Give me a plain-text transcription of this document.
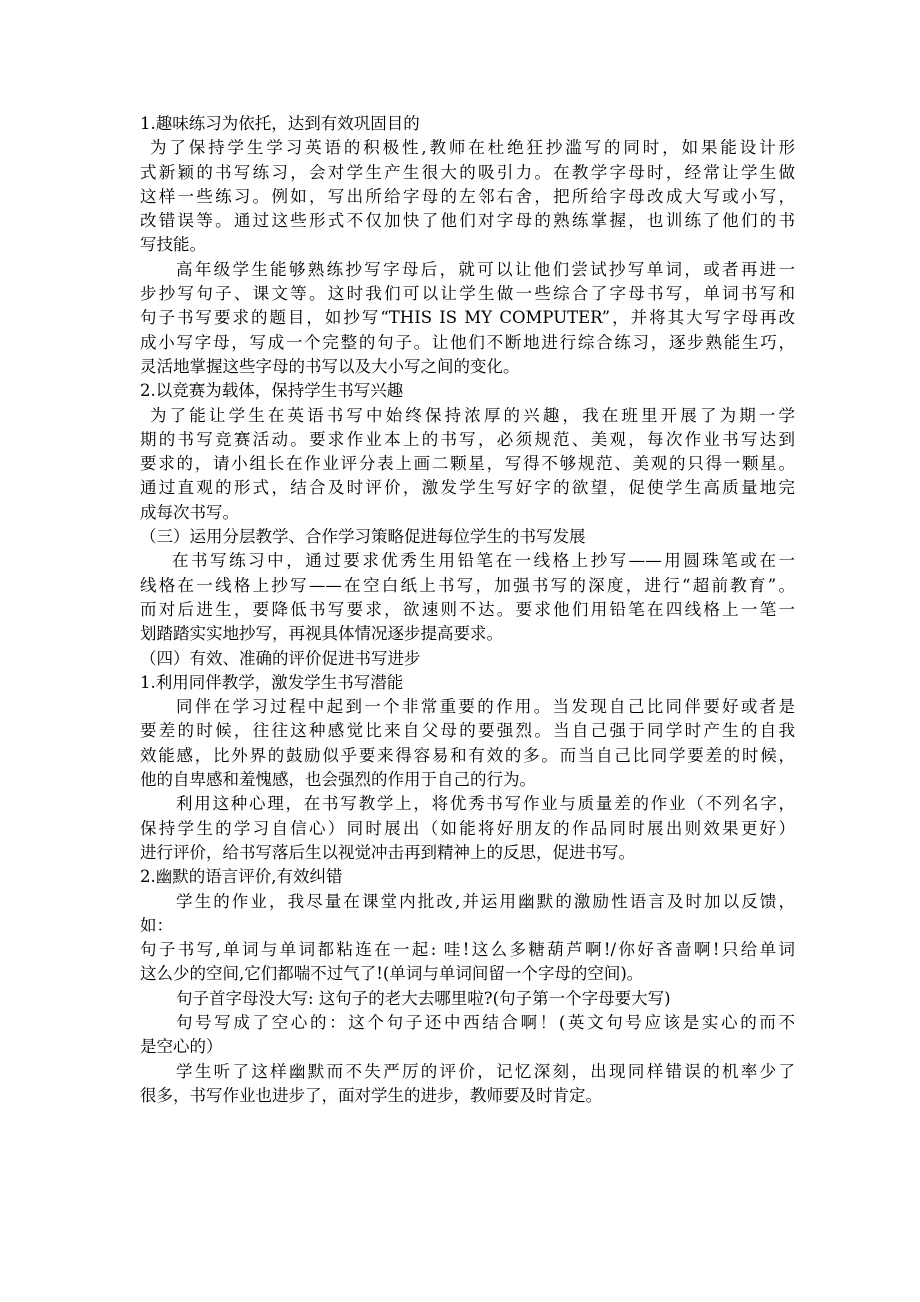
1.趣味练习为依托，达到有效巩固目的
为了保持学生学习英语的积极性,教师在杜绝狂抄滥写的同时，如果能设计形
式新颖的书写练习，会对学生产生很大的吸引力。在教学字母时，经常让学生做
这样一些练习。例如，写出所给字母的左邻右舍，把所给字母改成大写或小写，
改错误等。通过这些形式不仅加快了他们对字母的熟练掌握，也训练了他们的书
写技能。
高年级学生能够熟练抄写字母后，就可以让他们尝试抄写单词，或者再进一
步抄写句子、课文等。这时我们可以让学生做一些综合了字母书写，单词书写和
句子书写要求的题目，如抄写“THIS IS MY COMPUTER”，并将其大写字母再改
成小写字母，写成一个完整的句子。让他们不断地进行综合练习，逐步熟能生巧，
灵活地掌握这些字母的书写以及大小写之间的变化。
2.以竞赛为载体，保持学生书写兴趣
为了能让学生在英语书写中始终保持浓厚的兴趣，我在班里开展了为期一学
期的书写竞赛活动。要求作业本上的书写，必须规范、美观，每次作业书写达到
要求的，请小组长在作业评分表上画二颗星，写得不够规范、美观的只得一颗星。
通过直观的形式，结合及时评价，激发学生写好字的欲望，促使学生高质量地完
成每次书写。
（三）运用分层教学、合作学习策略促进每位学生的书写发展
在书写练习中，通过要求优秀生用铅笔在一线格上抄写——用圆珠笔或在一
线格在一线格上抄写——在空白纸上书写，加强书写的深度，进行“超前教育”。
而对后进生，要降低书写要求，欲速则不达。要求他们用铅笔在四线格上一笔一
划踏踏实实地抄写，再视具体情况逐步提高要求。
（四）有效、准确的评价促进书写进步
1.利用同伴教学，激发学生书写潜能
同伴在学习过程中起到一个非常重要的作用。当发现自己比同伴要好或者是
要差的时候，往往这种感觉比来自父母的要强烈。当自己强于同学时产生的自我
效能感，比外界的鼓励似乎要来得容易和有效的多。而当自己比同学要差的时候，
他的自卑感和羞愧感，也会强烈的作用于自己的行为。
利用这种心理，在书写教学上，将优秀书写作业与质量差的作业（不列名字，
保持学生的学习自信心）同时展出（如能将好朋友的作品同时展出则效果更好）
进行评价，给书写落后生以视觉冲击再到精神上的反思，促进书写。
2.幽默的语言评价,有效纠错
学生的作业，我尽量在课堂内批改,并运用幽默的激励性语言及时加以反馈，
如：
句子书写,单词与单词都粘连在一起: 哇!这么多糖葫芦啊!/你好吝啬啊!只给单词
这么少的空间,它们都喘不过气了!(单词与单词间留一个字母的空间)。
句子首字母没大写: 这句子的老大去哪里啦?(句子第一个字母要大写)
句号写成了空心的：这个句子还中西结合啊！(英文句号应该是实心的而不
是空心的）
学生听了这样幽默而不失严厉的评价，记忆深刻，出现同样错误的机率少了
很多，书写作业也进步了，面对学生的进步，教师要及时肯定。
